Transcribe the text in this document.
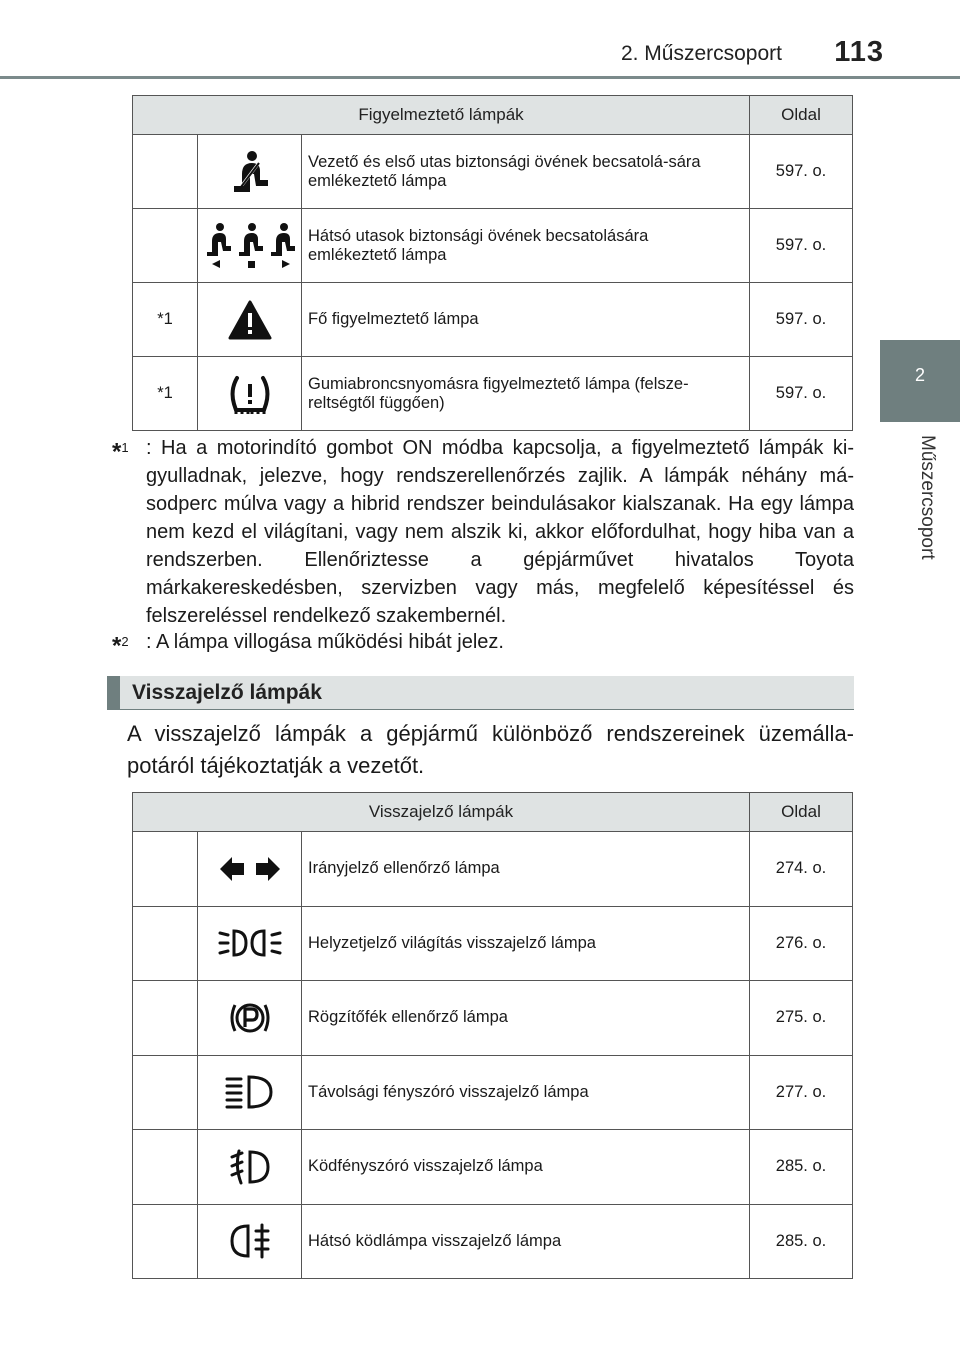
2. Műszercsoport 113
2
Műszercsoport
Figyelmeztető lámpák			Oldal
		Vezető és első utas biztonsági övének becsatolá-sára emlékeztető lámpa	597. o.
		Hátsó utasok biztonsági övének becsatolására emlékeztető lámpa	597. o.
*1		Fő figyelmeztető lámpa	597. o.
*1		Gumiabroncsnyomásra figyelmeztető lámpa (felsze-reltségtől függően)	597. o.
*$^1$ : Ha a motorindító gombot ON módba kapcsolja, a figyelmeztető lámpák ki-gyulladnak, jelezve, hogy rendszerellenőrzés zajlik. A lámpák néhány má-sodperc múlva vagy a hibrid rendszer beindulásakor kialszanak. Ha egy lámpa nem kezd el világítani, vagy nem alszik ki, akkor előfordulhat, hogy hiba van a rendszerben. Ellenőriztesse a gépjárművet hivatalos Toyota márkakereskedésben, szervizben vagy más, megfelelő képesítéssel és felszereléssel rendelkező szakembernél.
*$^2$ : A lámpa villogása működési hibát jelez.
Visszajelző lámpák
A visszajelző lámpák a gépjármű különböző rendszereinek üzemálla-potáról tájékoztatják a vezetőt.
Visszajelző lámpák			Oldal
		Irányjelző ellenőrző lámpa	274. o.
		Helyzetjelző világítás visszajelző lámpa	276. o.
		Rögzítőfék ellenőrző lámpa	275. o.
		Távolsági fényszóró visszajelző lámpa	277. o.
		Ködfényszóró visszajelző lámpa	285. o.
		Hátsó ködlámpa visszajelző lámpa	285. o.
